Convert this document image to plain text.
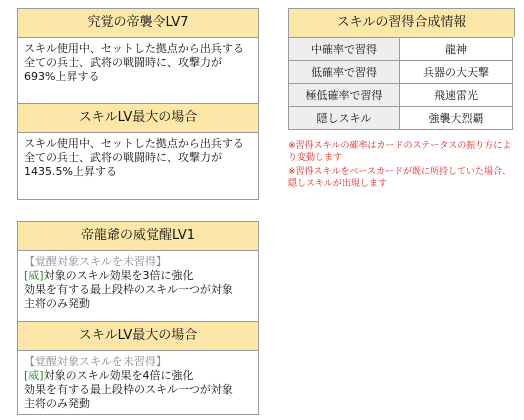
究覚の帝襲令LV7
スキル使用中、セットした拠点から出兵する全ての兵士、武将の戦闘時に、攻撃力が693%上昇する
スキルLV最大の場合
スキル使用中、セットした拠点から出兵する全ての兵士、武将の戦闘時に、攻撃力が1435.5%上昇する
スキルの習得合成情報
中確率で習得	龍神
低確率で習得	兵器の大天撃
極低確率で習得	飛速雷光
隠しスキル	強襲大烈覇
※習得スキルの確率はカードのステータスの振り方により変動します
※習得スキルをベースカードが既に所持していた場合、隠しスキルが出現します
帝龍爺の威覚醒LV1
【覚醒対象スキルを未習得】
[威]対象のスキル効果を3倍に強化
効果を有する最上段枠のスキル一つが対象
主将のみ発動
スキルLV最大の場合
【覚醒対象スキルを未習得】
[威]対象のスキル効果を4倍に強化
効果を有する最上段枠のスキル一つが対象
主将のみ発動
